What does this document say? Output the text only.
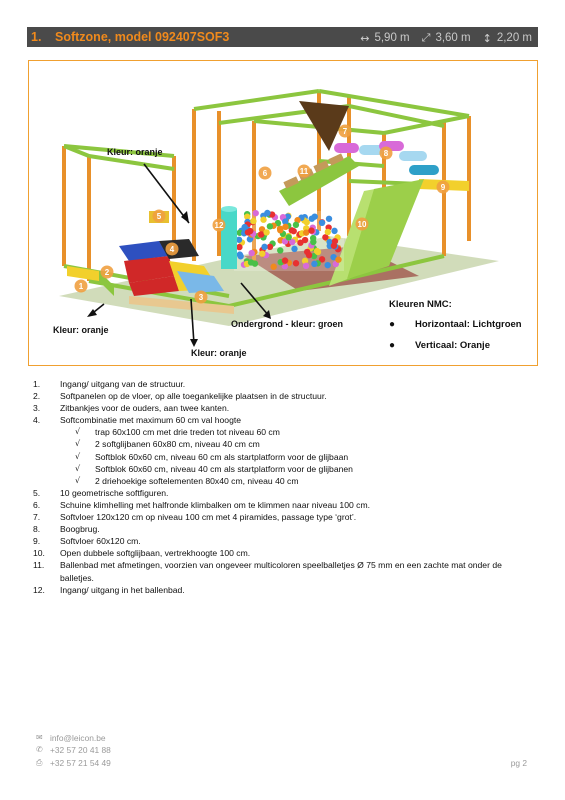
1. Softzone, model 092407SOF3	↔ 5,90 m ⤢ 3,60 m ↕ 2,20 m
1
2
3
4
5
6
7
8
9
10
11
12
Kleur: oranje
Kleur: oranje
Kleur: oranje
Ondergrond - kleur: groen
Kleuren NMC:
●	Horizontaal: Lichtgroen
●	Verticaal: Oranje
1.	Ingang/ uitgang van de structuur.
2.	Softpanelen op de vloer, op alle toegankelijke plaatsen in de structuur.
3.	Zitbankjes voor de ouders, aan twee kanten.
4.	Softcombinatie met maximum 60 cm val hoogte
√	trap 60x100 cm met drie treden tot niveau 60 cm
√	2 softglijbanen 60x80 cm, niveau 40 cm cm
√	Softblok 60x60 cm, niveau 60 cm als startplatform voor de glijbaan
√	Softblok 60x60 cm, niveau 40 cm als startplatform voor de glijbanen
√	2 driehoekige softelementen 80x40 cm, niveau 40 cm
5.	10 geometrische softfiguren.
6.	Schuine klimhelling met halfronde klimbalken om te klimmen naar niveau 100 cm.
7.	Softvloer 120x120 cm op niveau 100 cm met 4 piramides, passage type ‘grot’.
8.	Boogbrug.
9.	Softvloer 60x120 cm.
10.	Open dubbele softglijbaan, vertrekhoogte 100 cm.
11.	Ballenbad met afmetingen, voorzien van ongeveer multicoloren speelballetjes Ø 75 mm en een zachte mat onder de balletjes.
12.	Ingang/ uitgang in het ballenbad.
✉ info@leicon.be
✆ +32 57 20 41 88
⎙ +32 57 21 54 49	pg 2
